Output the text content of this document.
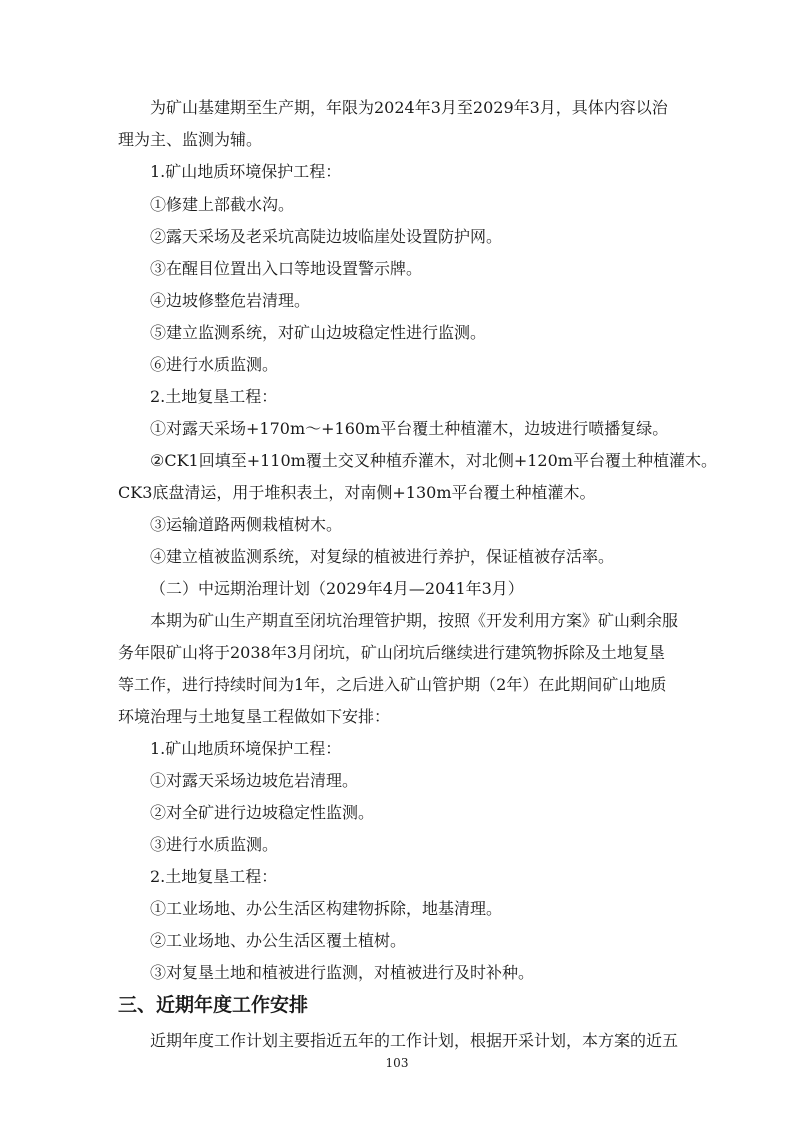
为矿山基建期至生产期，年限为2024年3月至2029年3月，具体内容以治
理为主、监测为辅。
1.矿山地质环境保护工程：
①修建上部截水沟。
②露天采场及老采坑高陡边坡临崖处设置防护网。
③在醒目位置出入口等地设置警示牌。
④边坡修整危岩清理。
⑤建立监测系统，对矿山边坡稳定性进行监测。
⑥进行水质监测。
2.土地复垦工程：
①对露天采场+170m～+160m平台覆土种植灌木，边坡进行喷播复绿。
②CK1回填至+110m覆土交叉种植乔灌木，对北侧+120m平台覆土种植灌木。
CK3底盘清运，用于堆积表土，对南侧+130m平台覆土种植灌木。
③运输道路两侧栽植树木。
④建立植被监测系统，对复绿的植被进行养护，保证植被存活率。
（二）中远期治理计划（2029年4月—2041年3月）
本期为矿山生产期直至闭坑治理管护期，按照《开发利用方案》矿山剩余服
务年限矿山将于2038年3月闭坑，矿山闭坑后继续进行建筑物拆除及土地复垦
等工作，进行持续时间为1年，之后进入矿山管护期（2年）在此期间矿山地质
环境治理与土地复垦工程做如下安排：
1.矿山地质环境保护工程：
①对露天采场边坡危岩清理。
②对全矿进行边坡稳定性监测。
③进行水质监测。
2.土地复垦工程：
①工业场地、办公生活区构建物拆除，地基清理。
②工业场地、办公生活区覆土植树。
③对复垦土地和植被进行监测，对植被进行及时补种。
三、近期年度工作安排
近期年度工作计划主要指近五年的工作计划，根据开采计划，本方案的近五
103
